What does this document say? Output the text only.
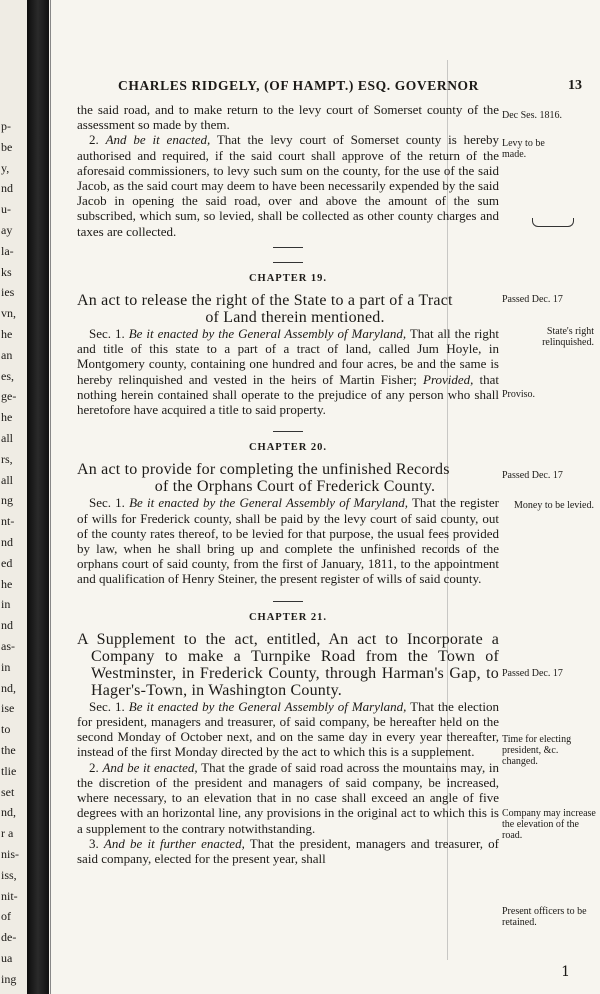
p-
be
y,
nd
u-
ay
la-
ks
ies
vn,
he
an
es,
ge-
he
all
rs,
all
ng
nt-
nd
ed
he
in
nd
as-
in
nd,
ise
to
the
tlie
set
nd,
r a
nis-
iss,
nit-
of
de-
ua
ing
CHARLES RIDGELY, (OF HAMPT.) ESQ. GOVERNOR	13

the said road, and to make return to the levy court of Somerset county of the assessment so made by them.

2. And be it enacted, That the levy court of Somerset county is hereby authorised and required, if the said court shall approve of the return of the aforesaid commissioners, to levy such sum on the county, for the use of the said Jacob, as the said court may deem to have been necessarily expended by the said Jacob in opening the said road, over and above the amount of the sum subscribed, which sum, so levied, shall be collected as other county charges and taxes are collected.

CHAPTER 19.

An act to release the right of the State to a part of a Tract

of Land therein mentioned.

Sec. 1. Be it enacted by the General Assembly of Maryland, That all the right and title of this state to a part of a tract of land, called Jum Hoyle, in Montgomery county, containing one hundred and four acres, be and the same is hereby relinquished and vested in the heirs of Martin Fisher; Provided, that nothing herein contained shall operate to the prejudice of any person who shall heretofore have acquired a title to said property.

CHAPTER 20.

An act to provide for completing the unfinished Records

of the Orphans Court of Frederick County.

Sec. 1. Be it enacted by the General Assembly of Maryland, That the register of wills for Frederick county, shall be paid by the levy court of said county, out of the county rates thereof, to be levied for that purpose, the usual fees provided by law, when he shall bring up and complete the unfinished records of the orphans court of said county, from the first of January, 1811, to the appointment and qualification of Henry Steiner, the present register of wills of said county.

CHAPTER 21.

A Supplement to the act, entitled, An act to Incorporate a Company to make a Turnpike Road from the Town of Westminster, in Frederick County, through Harman's Gap, to Hager's-Town, in Washington County.

Sec. 1. Be it enacted by the General Assembly of Maryland, That the election for president, managers and treasurer, of said company, be hereafter held on the second Monday of October next, and on the same day in every year thereafter, instead of the first Monday directed by the act to which this is a supplement.

2. And be it enacted, That the grade of said road across the mountains may, in the discretion of the president and managers of said company, be increased, where necessary, to an elevation that in no case shall exceed an angle of five degrees with an horizontal line, any provisions in the original act to which this is a supplement to the contrary notwithstanding.

3. And be it further enacted, That the president, managers and treasurer, of said company, elected for the present year, shall

Dec Ses. 1816.
Levy to be made.
Passed Dec. 17
State's right relinquished.
Proviso.
Passed Dec. 17
Money to be levied.
Passed Dec. 17
Time for electing president, &c. changed.
Company may increase the elevation of the road.
Present officers to be retained.
1
